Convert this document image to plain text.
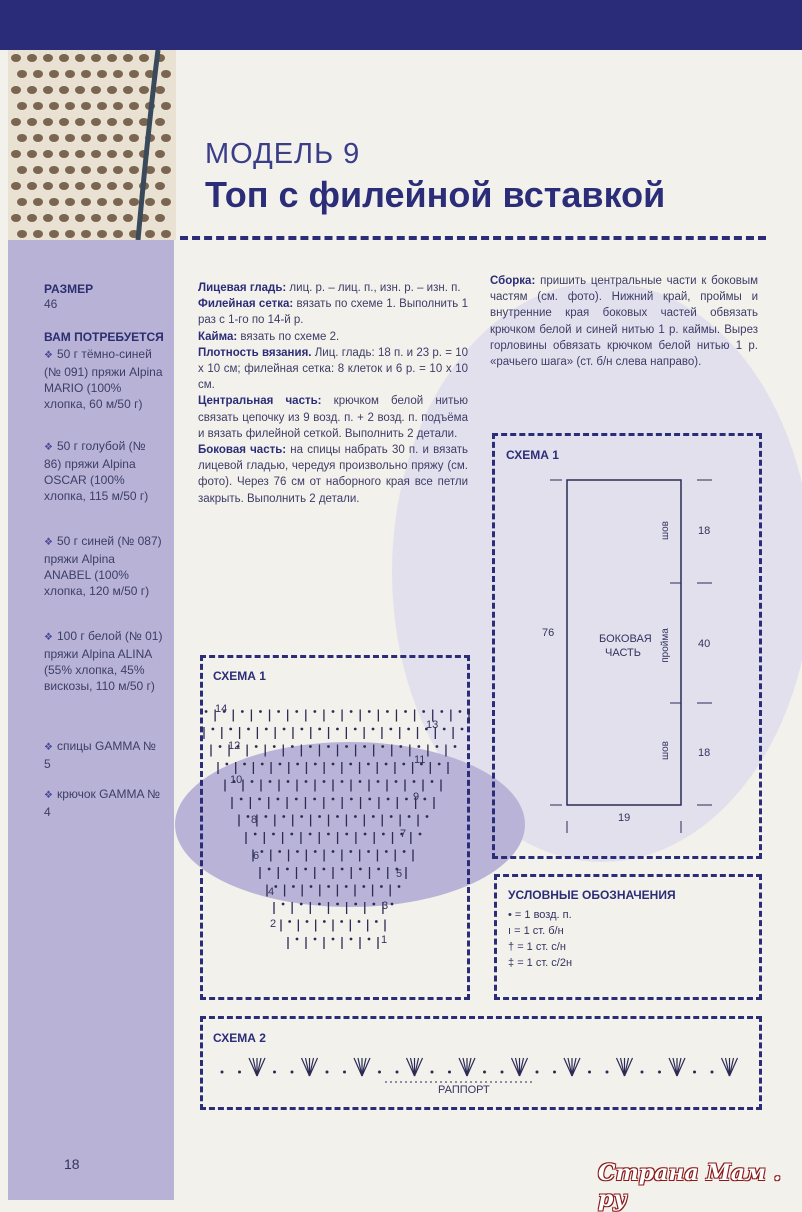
МОДЕЛЬ 9
Топ с филейной вставкой
РАЗМЕР
46
ВАМ ПОТРЕБУЕТСЯ
❖ 50 г тёмно-синей (№ 091) пряжи Alpina MARIO (100% хлопка, 60 м/50 г)
❖ 50 г голубой (№ 86) пряжи Alpina OSCAR (100% хлопка, 115 м/50 г)
❖ 50 г синей (№ 087) пряжи Alpina ANABEL (100% хлопка, 120 м/50 г)
❖ 100 г белой (№ 01) пряжи Alpina ALINA (55% хлопка, 45% вискозы, 110 м/50 г)
❖ спицы GAMMA № 5
❖ крючок GAMMA № 4
Лицевая гладь: лиц. р. – лиц. п., изн. р. – изн. п.
Филейная сетка: вязать по схеме 1. Выполнить 1 раз с 1-го по 14-й р.
Кайма: вязать по схеме 2.
Плотность вязания. Лиц. гладь: 18 п. и 23 р. = 10 х 10 см; филейная сетка: 8 клеток и 6 р. = 10 х 10 см.
Центральная часть: крючком белой нитью связать цепочку из 9 возд. п. + 2 возд. п. подъёма и вязать филейной сеткой. Выполнить 2 детали.
Боковая часть: на спицы набрать 30 п. и вязать лицевой гладью, чередуя произвольно пряжу (см. фото). Через 76 см от наборного края все петли закрыть. Выполнить 2 детали.
Сборка: пришить центральные части к боковым частям (см. фото). Нижний край, проймы и внутренние края боковых частей обвязать крючком белой и синей нитью 1 р. каймы. Вырез горловины обвязать крючком белой нитью 1 р. «рачьего шага» (ст. б/н слева направо).
СХЕМА 1
76
19
18
40
18
БОКОВАЯ
ЧАСТЬ
шов
пройма
шов
СХЕМА 1
14
12
10
8
6
4
2
13
11
9
7
5
3
1
УСЛОВНЫЕ ОБОЗНАЧЕНИЯ
• = 1 возд. п.
ı = 1 ст. б/н
† = 1 ст. с/н
‡ = 1 ст. с/2н
СХЕМА 2
РАППОРТ
18	Страна Мам . ру
